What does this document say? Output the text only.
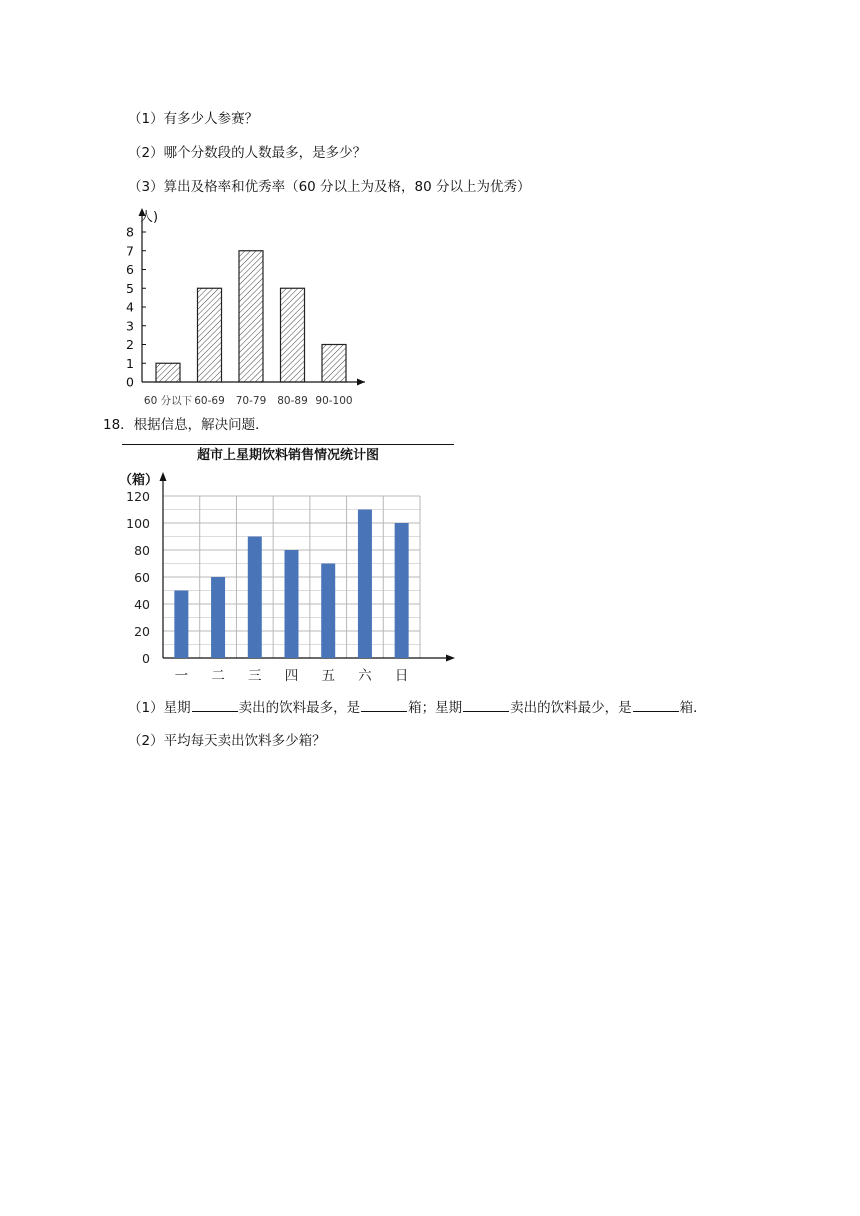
（1）有多少人参赛？
（2）哪个分数段的人数最多，是多少？
（3）算出及格率和优秀率（60 分以上为及格，80 分以上为优秀）
人)
0
1
2
3
4
5
6
7
8
60 分以下 60-69 70-79 80-89 90-100
18．根据信息，解决问题．
超市上星期饮料销售情况统计图
0
20
40
60
80
100
120
（箱）
一 二 三 四 五 六 日
（1）星期	卖出的饮料最多，是	箱；星期	卖出的饮料最少，是	箱．
（2）平均每天卖出饮料多少箱？
